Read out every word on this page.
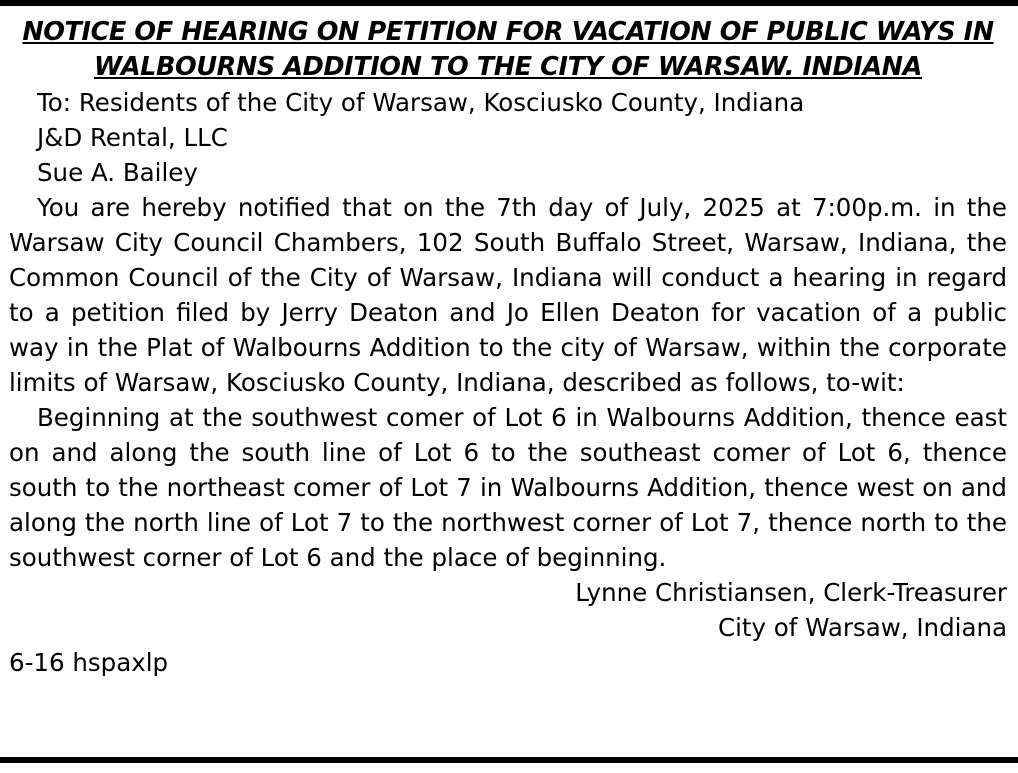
NOTICE OF HEARING ON PETITION FOR VACATION OF PUBLIC WAYS IN WALBOURNS ADDITION TO THE CITY OF WARSAW. INDIANA

To: Residents of the City of Warsaw, Kosciusko County, Indiana

J&D Rental, LLC

Sue A. Bailey

You are hereby notified that on the 7th day of July, 2025 at 7:00p.m. in the Warsaw City Council Chambers, 102 South Buffalo Street, Warsaw, Indiana, the Common Council of the City of Warsaw, Indiana will conduct a hearing in regard to a petition filed by Jerry Deaton and Jo Ellen Deaton for vacation of a public way in the Plat of Walbourns Addition to the city of Warsaw, within the corporate limits of Warsaw, Kosciusko County, Indiana, described as follows, to-wit:

Beginning at the southwest comer of Lot 6 in Walbourns Addition, thence east on and along the south line of Lot 6 to the southeast comer of Lot 6, thence south to the northeast comer of Lot 7 in Walbourns Addition, thence west on and along the north line of Lot 7 to the northwest corner of Lot 7, thence north to the southwest corner of Lot 6 and the place of beginning.

Lynne Christiansen, Clerk-Treasurer

City of Warsaw, Indiana

6-16 hspaxlp
